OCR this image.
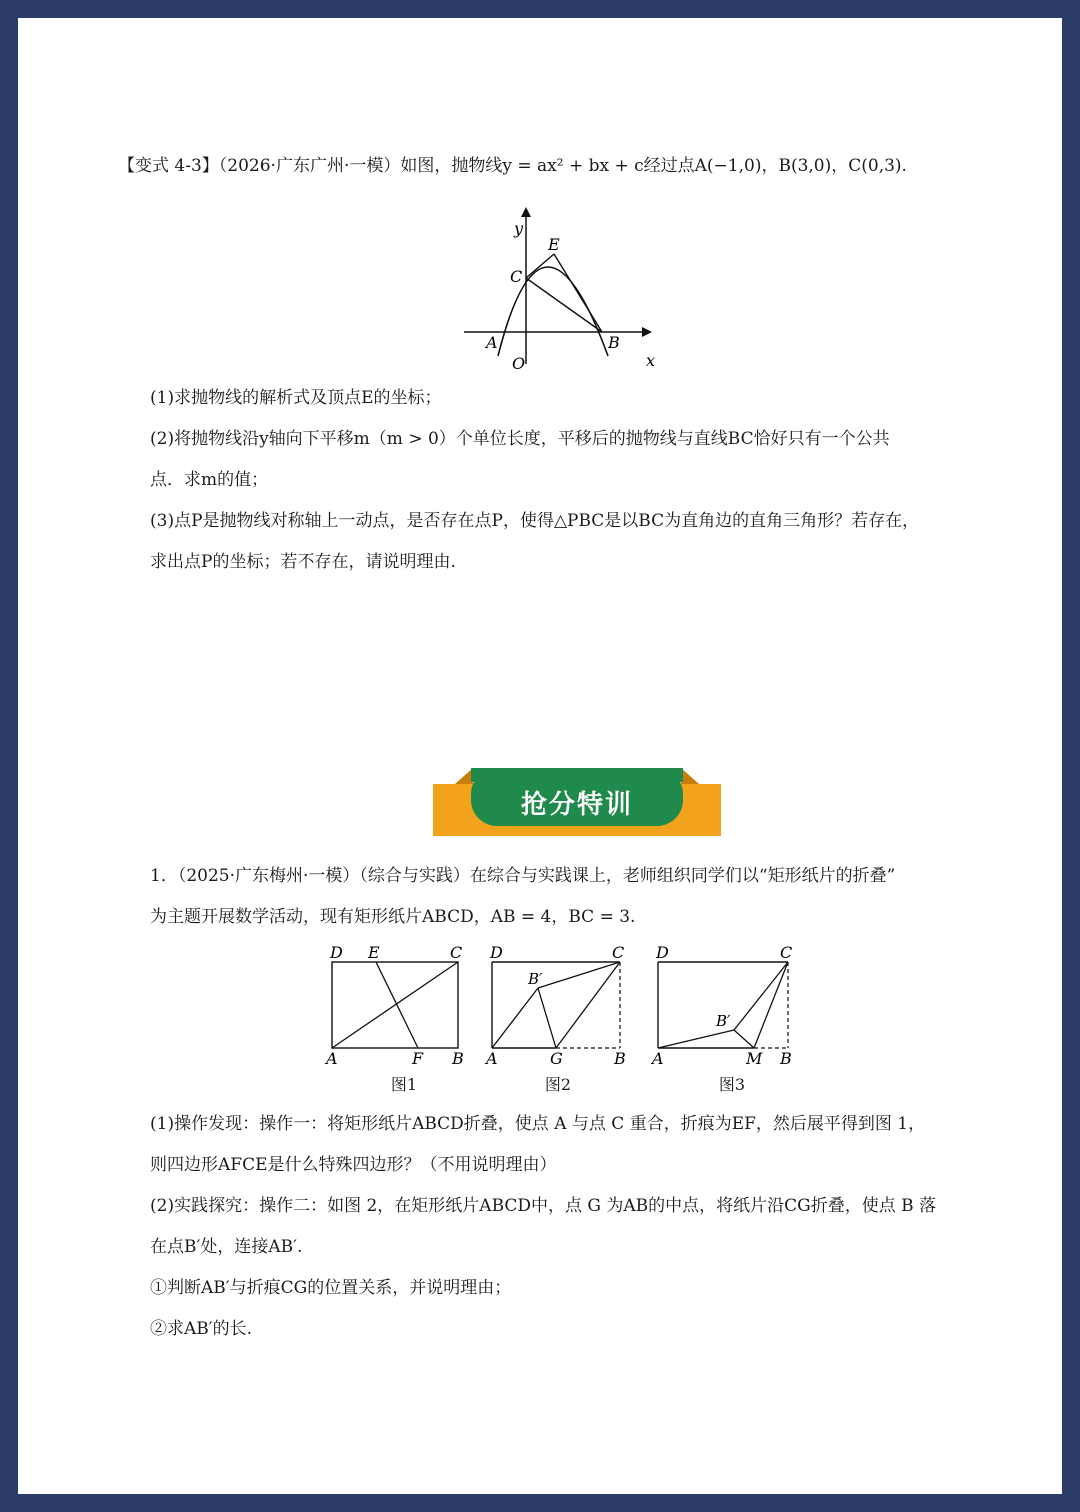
【变式 4-3】（2026·广东广州·一模）如图，抛物线y = ax² + bx + c经过点A(−1,0)，B(3,0)，C(0,3).
y
x
E
C
A
O
B
(1)求抛物线的解析式及顶点E的坐标；
(2)将抛物线沿y轴向下平移m（m > 0）个单位长度，平移后的抛物线与直线BC恰好只有一个公共
点．求m的值；
(3)点P是抛物线对称轴上一动点，是否存在点P，使得△PBC是以BC为直角边的直角三角形？若存在，
求出点P的坐标；若不存在，请说明理由.
抢分特训
1．（2025·广东梅州·一模）（综合与实践）在综合与实践课上，老师组织同学们以“矩形纸片的折叠”
为主题开展数学活动，现有矩形纸片ABCD，AB = 4，BC = 3.
D E	C
A	F B
图1
D	C
B′
A	G	B
图2
D	C
B′
A	M B
图3
(1)操作发现：操作一：将矩形纸片ABCD折叠，使点 A 与点 C 重合，折痕为EF，然后展平得到图 1，
则四边形AFCE是什么特殊四边形？（不用说明理由）
(2)实践探究：操作二：如图 2，在矩形纸片ABCD中，点 G 为AB的中点，将纸片沿CG折叠，使点 B 落
在点B′处，连接AB′.
①判断AB′与折痕CG的位置关系，并说明理由；
②求AB′的长.
